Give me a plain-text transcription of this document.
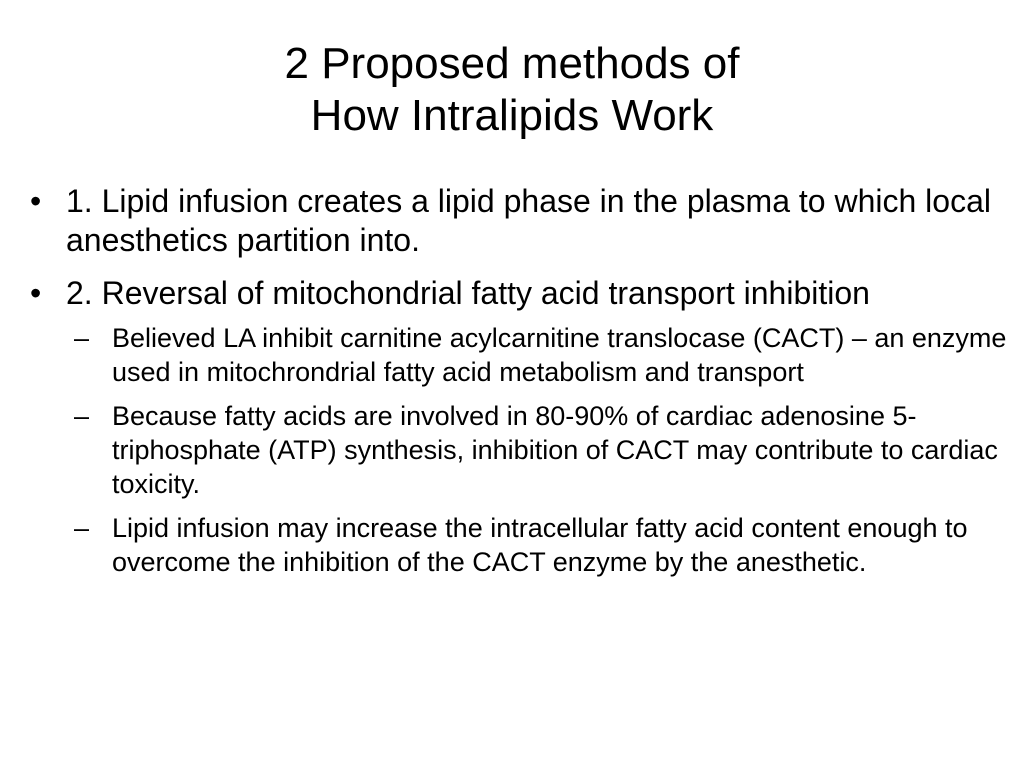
2 Proposed methods of
How Intralipids Work
• 1. Lipid infusion creates a lipid phase in the plasma to which local anesthetics partition into.
• 2. Reversal of mitochondrial fatty acid transport inhibition
– Believed LA inhibit carnitine acylcarnitine translocase (CACT) – an enzyme used in mitochrondrial fatty acid metabolism and transport
– Because fatty acids are involved in 80-90% of cardiac adenosine 5-triphosphate (ATP) synthesis, inhibition of CACT may contribute to cardiac toxicity.
– Lipid infusion may increase the intracellular fatty acid content enough to overcome the inhibition of the CACT enzyme by the anesthetic.
